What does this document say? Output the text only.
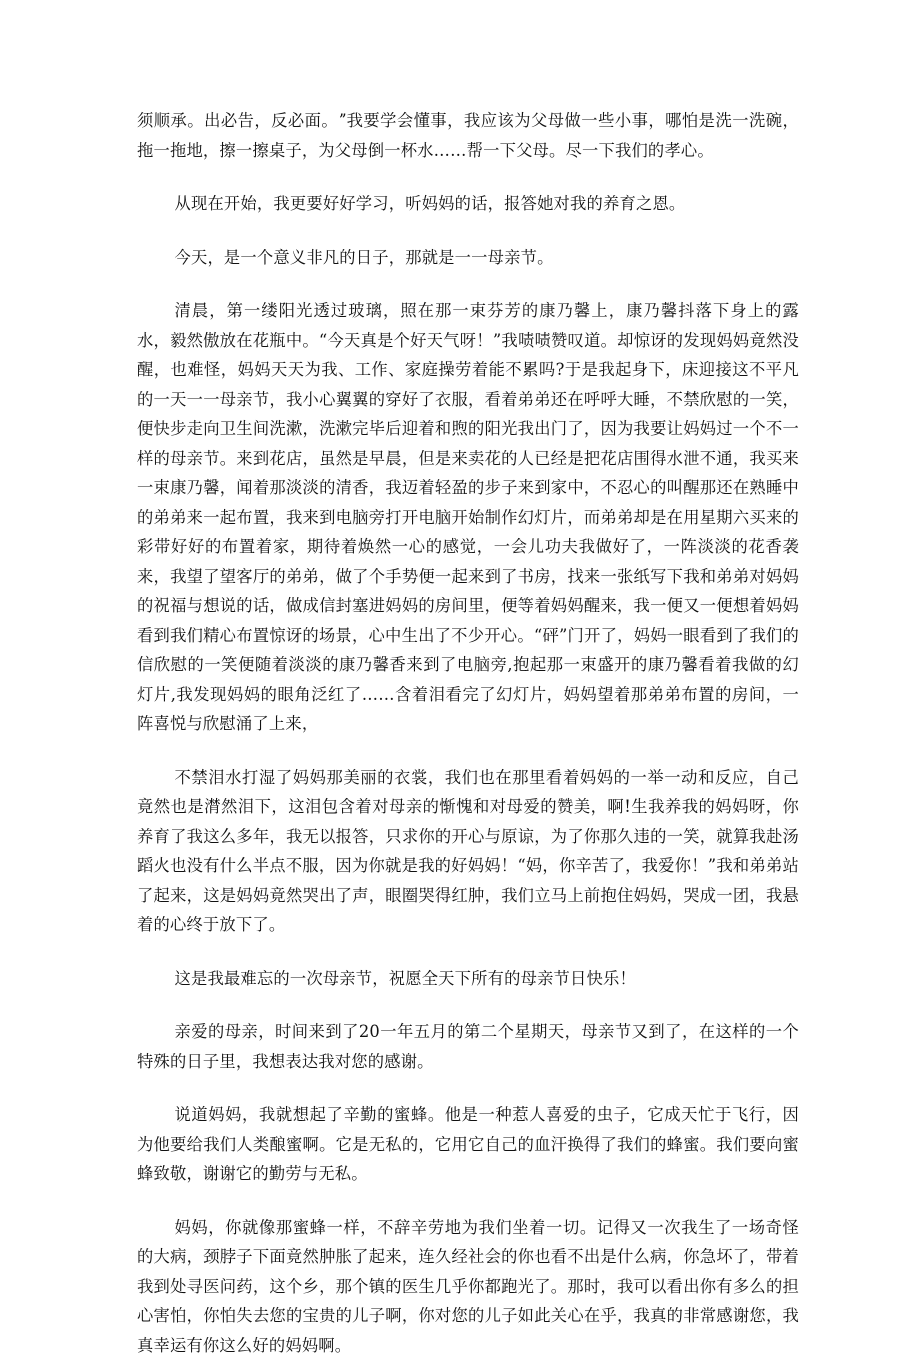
须顺承。出必告，反必面。ˮ我要学会懂事，我应该为父母做一些小事，哪怕是洗一洗碗，拖一拖地，擦一擦桌子，为父母倒一杯水……帮一下父母。尽一下我们的孝心。

从现在开始，我更要好好学习，听妈妈的话，报答她对我的养育之恩。

今天，是一个意义非凡的日子，那就是一一母亲节。

清晨，第一缕阳光透过玻璃，照在那一束芬芳的康乃馨上，康乃馨抖落下身上的露水，毅然傲放在花瓶中。“今天真是个好天气呀！”我啧啧赞叹道。却惊讶的发现妈妈竟然没醒，也难怪，妈妈天天为我、工作、家庭操劳着能不累吗?于是我起身下，床迎接这不平凡的一天一一母亲节，我小心翼翼的穿好了衣服，看着弟弟还在呼呼大睡，不禁欣慰的一笑，便快步走向卫生间洗漱，洗漱完毕后迎着和煦的阳光我出门了，因为我要让妈妈过一个不一样的母亲节。来到花店，虽然是早晨，但是来卖花的人已经是把花店围得水泄不通，我买来一束康乃馨，闻着那淡淡的清香，我迈着轻盈的步子来到家中，不忍心的叫醒那还在熟睡中的弟弟来一起布置，我来到电脑旁打开电脑开始制作幻灯片，而弟弟却是在用星期六买来的彩带好好的布置着家，期待着焕然一心的感觉，一会儿功夫我做好了，一阵淡淡的花香袭来，我望了望客厅的弟弟，做了个手势便一起来到了书房，找来一张纸写下我和弟弟对妈妈的祝福与想说的话，做成信封塞进妈妈的房间里，便等着妈妈醒来，我一便又一便想着妈妈看到我们精心布置惊讶的场景，心中生出了不少开心。“砰”门开了，妈妈一眼看到了我们的信欣慰的一笑便随着淡淡的康乃馨香来到了电脑旁,抱起那一束盛开的康乃馨看着我做的幻灯片,我发现妈妈的眼角泛红了……含着泪看完了幻灯片，妈妈望着那弟弟布置的房间，一阵喜悦与欣慰涌了上来，

不禁泪水打湿了妈妈那美丽的衣裳，我们也在那里看着妈妈的一举一动和反应，自己竟然也是潸然泪下，这泪包含着对母亲的惭愧和对母爱的赞美，啊!生我养我的妈妈呀，你养育了我这么多年，我无以报答，只求你的开心与原谅，为了你那久违的一笑，就算我赴汤蹈火也没有什么半点不服，因为你就是我的好妈妈！“妈，你辛苦了，我爱你！”我和弟弟站了起来，这是妈妈竟然哭出了声，眼圈哭得红肿，我们立马上前抱住妈妈，哭成一团，我悬着的心终于放下了。

这是我最难忘的一次母亲节，祝愿全天下所有的母亲节日快乐！

亲爱的母亲，时间来到了20一年五月的第二个星期天，母亲节又到了，在这样的一个特殊的日子里，我想表达我对您的感谢。

说道妈妈，我就想起了辛勤的蜜蜂。他是一种惹人喜爱的虫子，它成天忙于飞行，因为他要给我们人类酿蜜啊。它是无私的，它用它自己的血汗换得了我们的蜂蜜。我们要向蜜蜂致敬，谢谢它的勤劳与无私。

妈妈，你就像那蜜蜂一样，不辞辛劳地为我们坐着一切。记得又一次我生了一场奇怪的大病，颈脖子下面竟然肿胀了起来，连久经社会的你也看不出是什么病，你急坏了，带着我到处寻医问药，这个乡，那个镇的医生几乎你都跑光了。那时，我可以看出你有多么的担心害怕，你怕失去您的宝贵的儿子啊，你对您的儿子如此关心在乎，我真的非常感谢您，我真幸运有你这么好的妈妈啊。
